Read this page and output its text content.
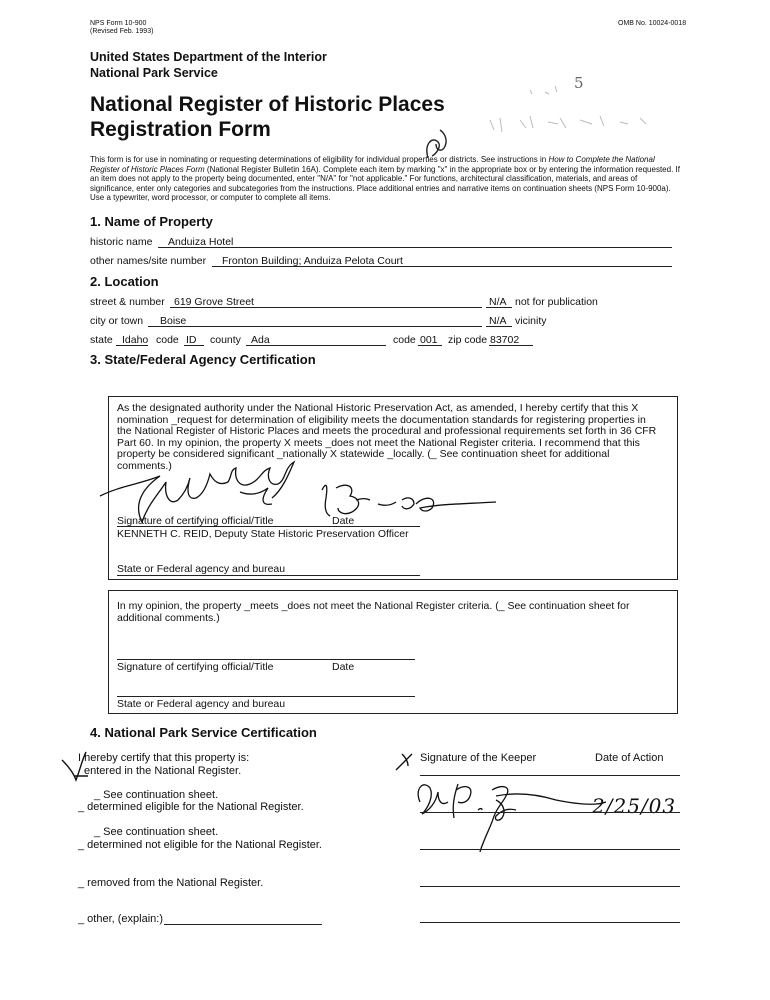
NPS Form 10-900
(Revised Feb. 1993)
OMB No. 10024-0018
United States Department of the Interior
National Park Service
National Register of Historic Places
Registration Form
5
This form is for use in nominating or requesting determinations of eligibility for individual properties or districts. See instructions in How to Complete the National Register of Historic Places Form (National Register Bulletin 16A). Complete each item by marking "x" in the appropriate box or by entering the information requested. If an item does not apply to the property being documented, enter "N/A" for "not applicable." For functions, architectural classification, materials, and areas of significance, enter only categories and subcategories from the instructions. Place additional entries and narrative items on continuation sheets (NPS Form 10-900a). Use a typewriter, word processor, or computer to complete all items.
1. Name of Property
historic name Anduiza Hotel
other names/site number Fronton Building; Anduiza Pelota Court
2. Location
street & number 619 Grove Street	N/A not for publication
city or town Boise	N/A vicinity
state Idaho code ID county Ada	code 001 zip code 83702
3. State/Federal Agency Certification
As the designated authority under the National Historic Preservation Act, as amended, I hereby certify that this X
nomination _request for determination of eligibility meets the documentation standards for registering properties in
the National Register of Historic Places and meets the procedural and professional requirements set forth in 36 CFR
Part 60. In my opinion, the property X meets _does not meet the National Register criteria. I recommend that this
property be considered significant _nationally X statewide _locally. (_ See continuation sheet for additional
comments.)
Signature of certifying official/Title	Date
KENNETH C. REID, Deputy State Historic Preservation Officer
State or Federal agency and bureau
In my opinion, the property _meets _does not meet the National Register criteria. (_ See continuation sheet for
additional comments.)
Signature of certifying official/Title	Date
State or Federal agency and bureau
4. National Park Service Certification
I hereby certify that this property is:
entered in the National Register.
_ See continuation sheet.
_ determined eligible for the National Register.
_ See continuation sheet.
_ determined not eligible for the National Register.
_ removed from the National Register.
_ other, (explain:)
Signature of the Keeper	Date of Action
2/25/03
